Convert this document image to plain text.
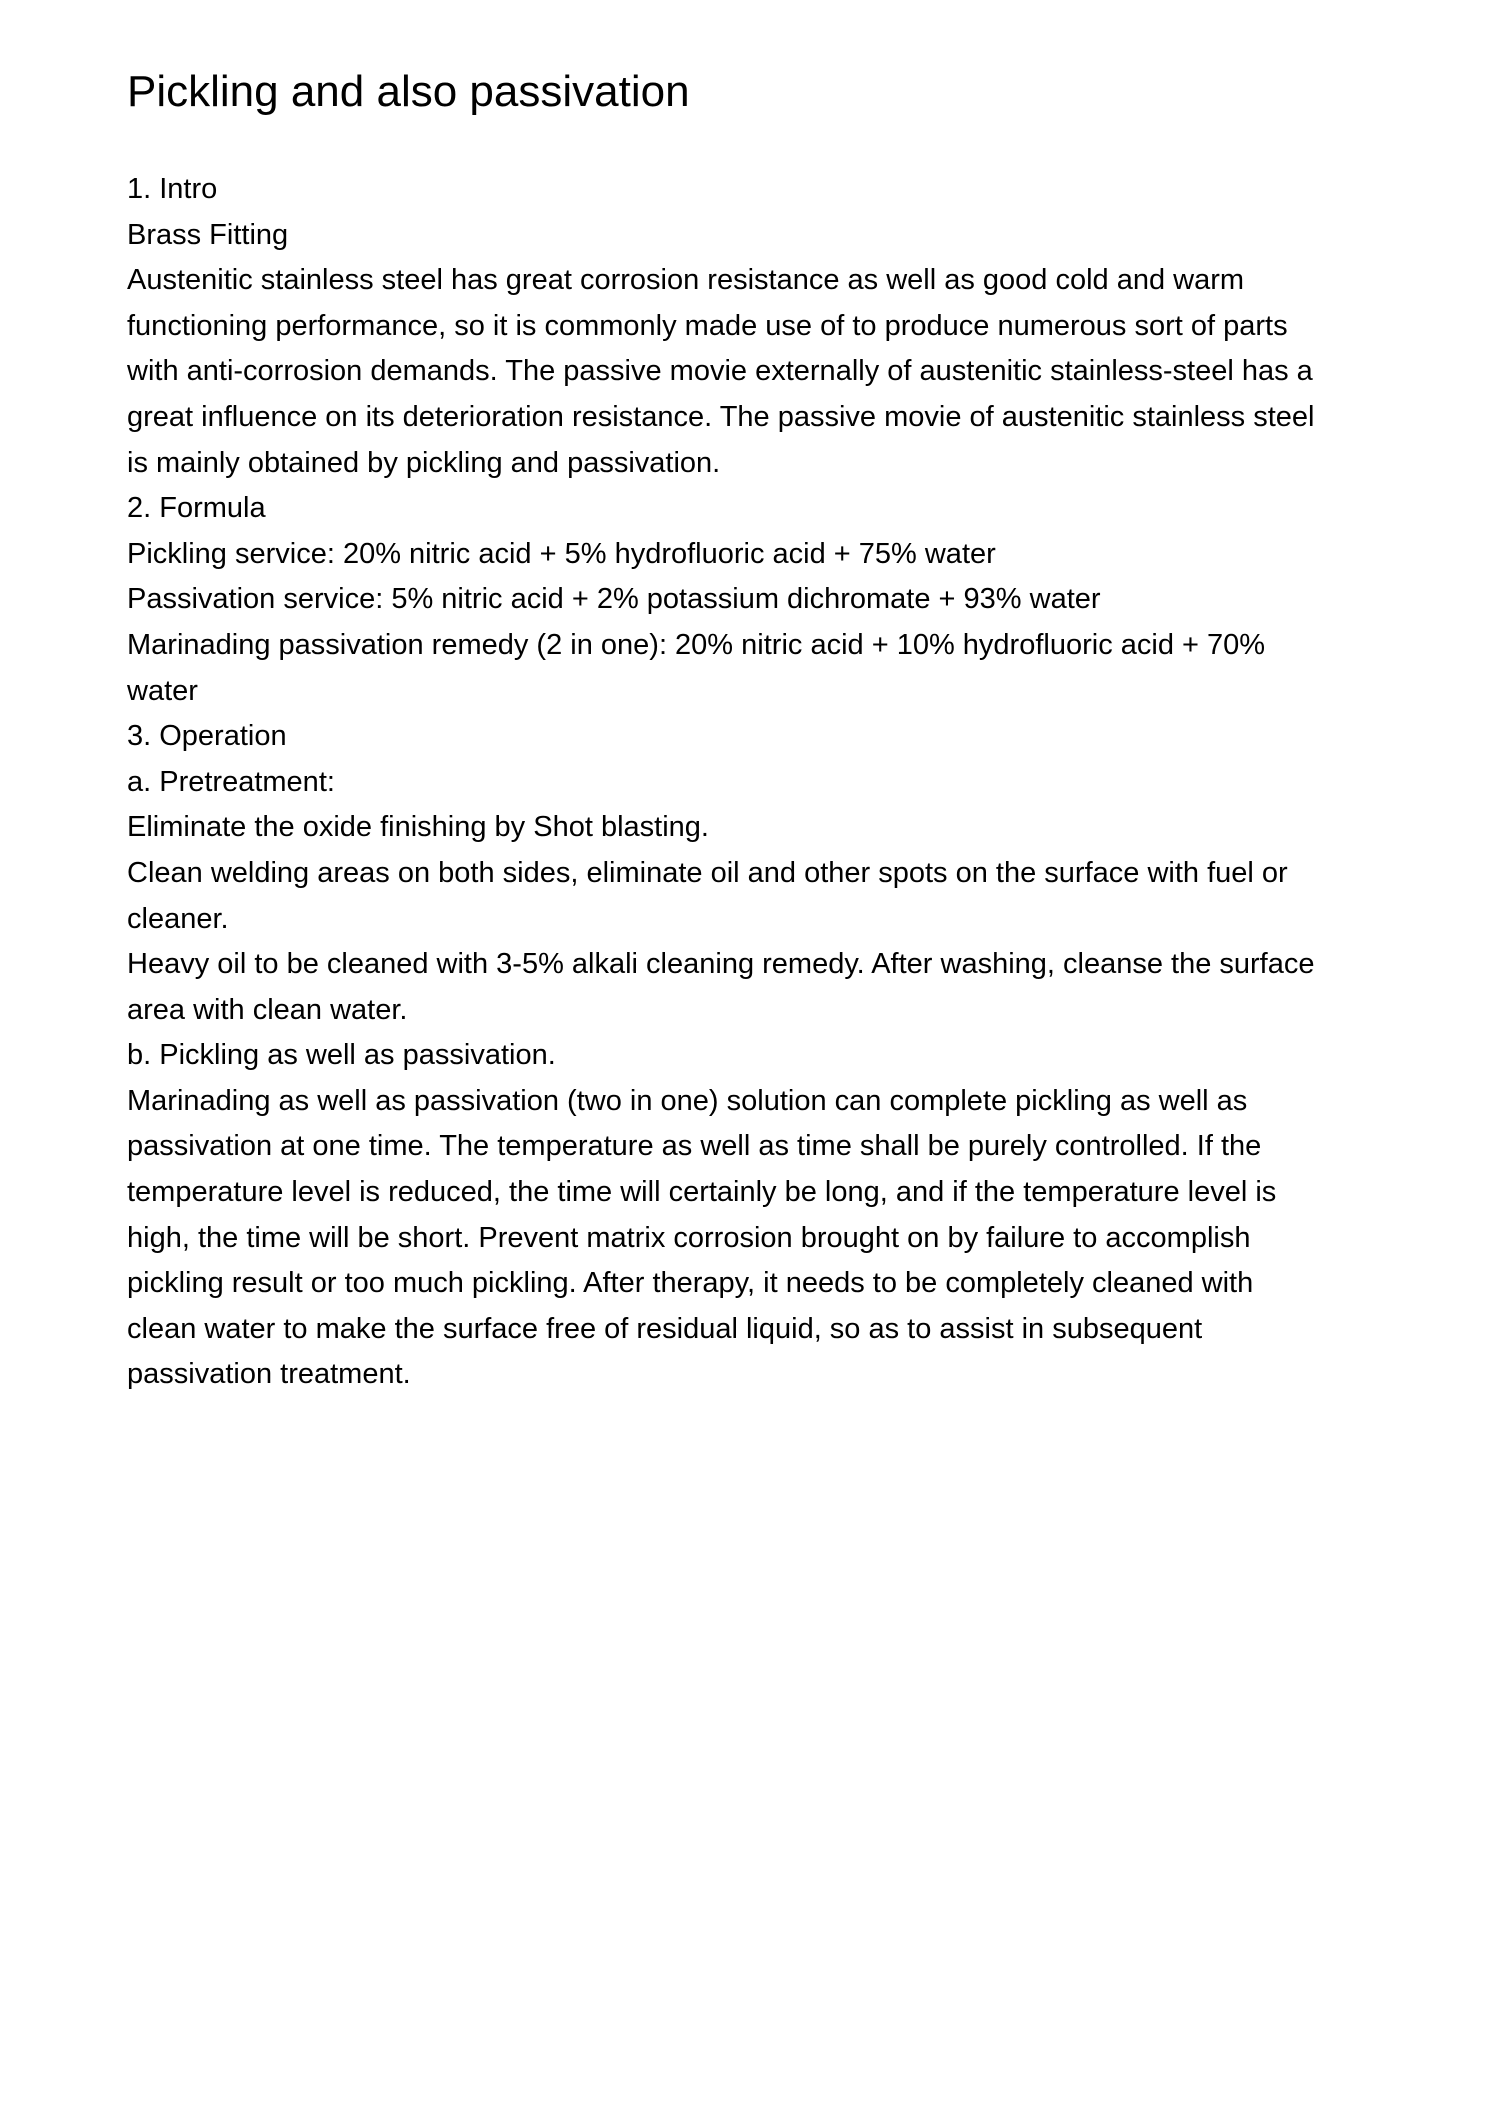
Pickling and also passivation
1. Intro
Brass Fitting
Austenitic stainless steel has great corrosion resistance as well as good cold and warm
functioning performance, so it is commonly made use of to produce numerous sort of parts
with anti-corrosion demands. The passive movie externally of austenitic stainless-steel has a
great influence on its deterioration resistance. The passive movie of austenitic stainless steel
is mainly obtained by pickling and passivation.
2. Formula
Pickling service: 20% nitric acid + 5% hydrofluoric acid + 75% water
Passivation service: 5% nitric acid + 2% potassium dichromate + 93% water
Marinading passivation remedy (2 in one): 20% nitric acid + 10% hydrofluoric acid + 70%
water
3. Operation
a. Pretreatment:
Eliminate the oxide finishing by Shot blasting.
Clean welding areas on both sides, eliminate oil and other spots on the surface with fuel or
cleaner.
Heavy oil to be cleaned with 3-5% alkali cleaning remedy. After washing, cleanse the surface
area with clean water.
b. Pickling as well as passivation.
Marinading as well as passivation (two in one) solution can complete pickling as well as
passivation at one time. The temperature as well as time shall be purely controlled. If the
temperature level is reduced, the time will certainly be long, and if the temperature level is
high, the time will be short. Prevent matrix corrosion brought on by failure to accomplish
pickling result or too much pickling. After therapy, it needs to be completely cleaned with
clean water to make the surface free of residual liquid, so as to assist in subsequent
passivation treatment.
